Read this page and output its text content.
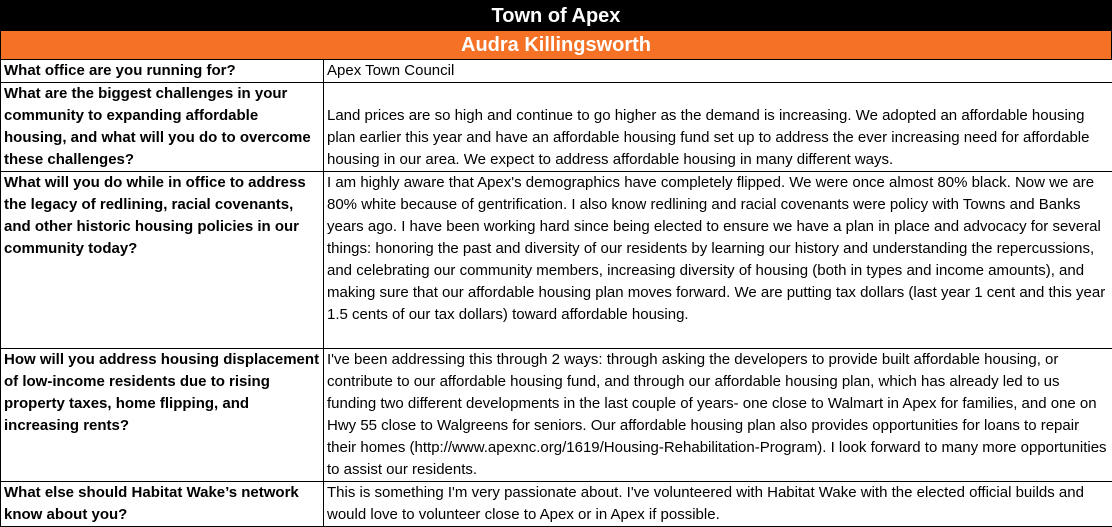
Town of Apex
Audra Killingsworth
What office are you running for?	Apex Town Council
What are the biggest challenges in your community to expanding affordable housing, and what will you do to overcome these challenges?	Land prices are so high and continue to go higher as the demand is increasing. We adopted an affordable housing plan earlier this year and have an affordable housing fund set up to address the ever increasing need for affordable housing in our area. We expect to address affordable housing in many different ways.
What will you do while in office to address the legacy of redlining, racial covenants, and other historic housing policies in our community today?	I am highly aware that Apex's demographics have completely flipped. We were once almost 80% black. Now we are 80% white because of gentrification. I also know redlining and racial covenants were policy with Towns and Banks years ago. I have been working hard since being elected to ensure we have a plan in place and advocacy for several things: honoring the past and diversity of our residents by learning our history and understanding the repercussions, and celebrating our community members, increasing diversity of housing (both in types and income amounts), and making sure that our affordable housing plan moves forward. We are putting tax dollars (last year 1 cent and this year 1.5 cents of our tax dollars) toward affordable housing.
How will you address housing displacement of low-income residents due to rising property taxes, home flipping, and increasing rents?	I've been addressing this through 2 ways: through asking the developers to provide built affordable housing, or contribute to our affordable housing fund, and through our affordable housing plan, which has already led to us funding two different developments in the last couple of years- one close to Walmart in Apex for families, and one on Hwy 55 close to Walgreens for seniors. Our affordable housing plan also provides opportunities for loans to repair their homes (http://www.apexnc.org/1619/Housing-Rehabilitation-Program). I look forward to many more opportunities to assist our residents.
What else should Habitat Wake’s network know about you?	This is something I'm very passionate about. I've volunteered with Habitat Wake with the elected official builds and would love to volunteer close to Apex or in Apex if possible.
